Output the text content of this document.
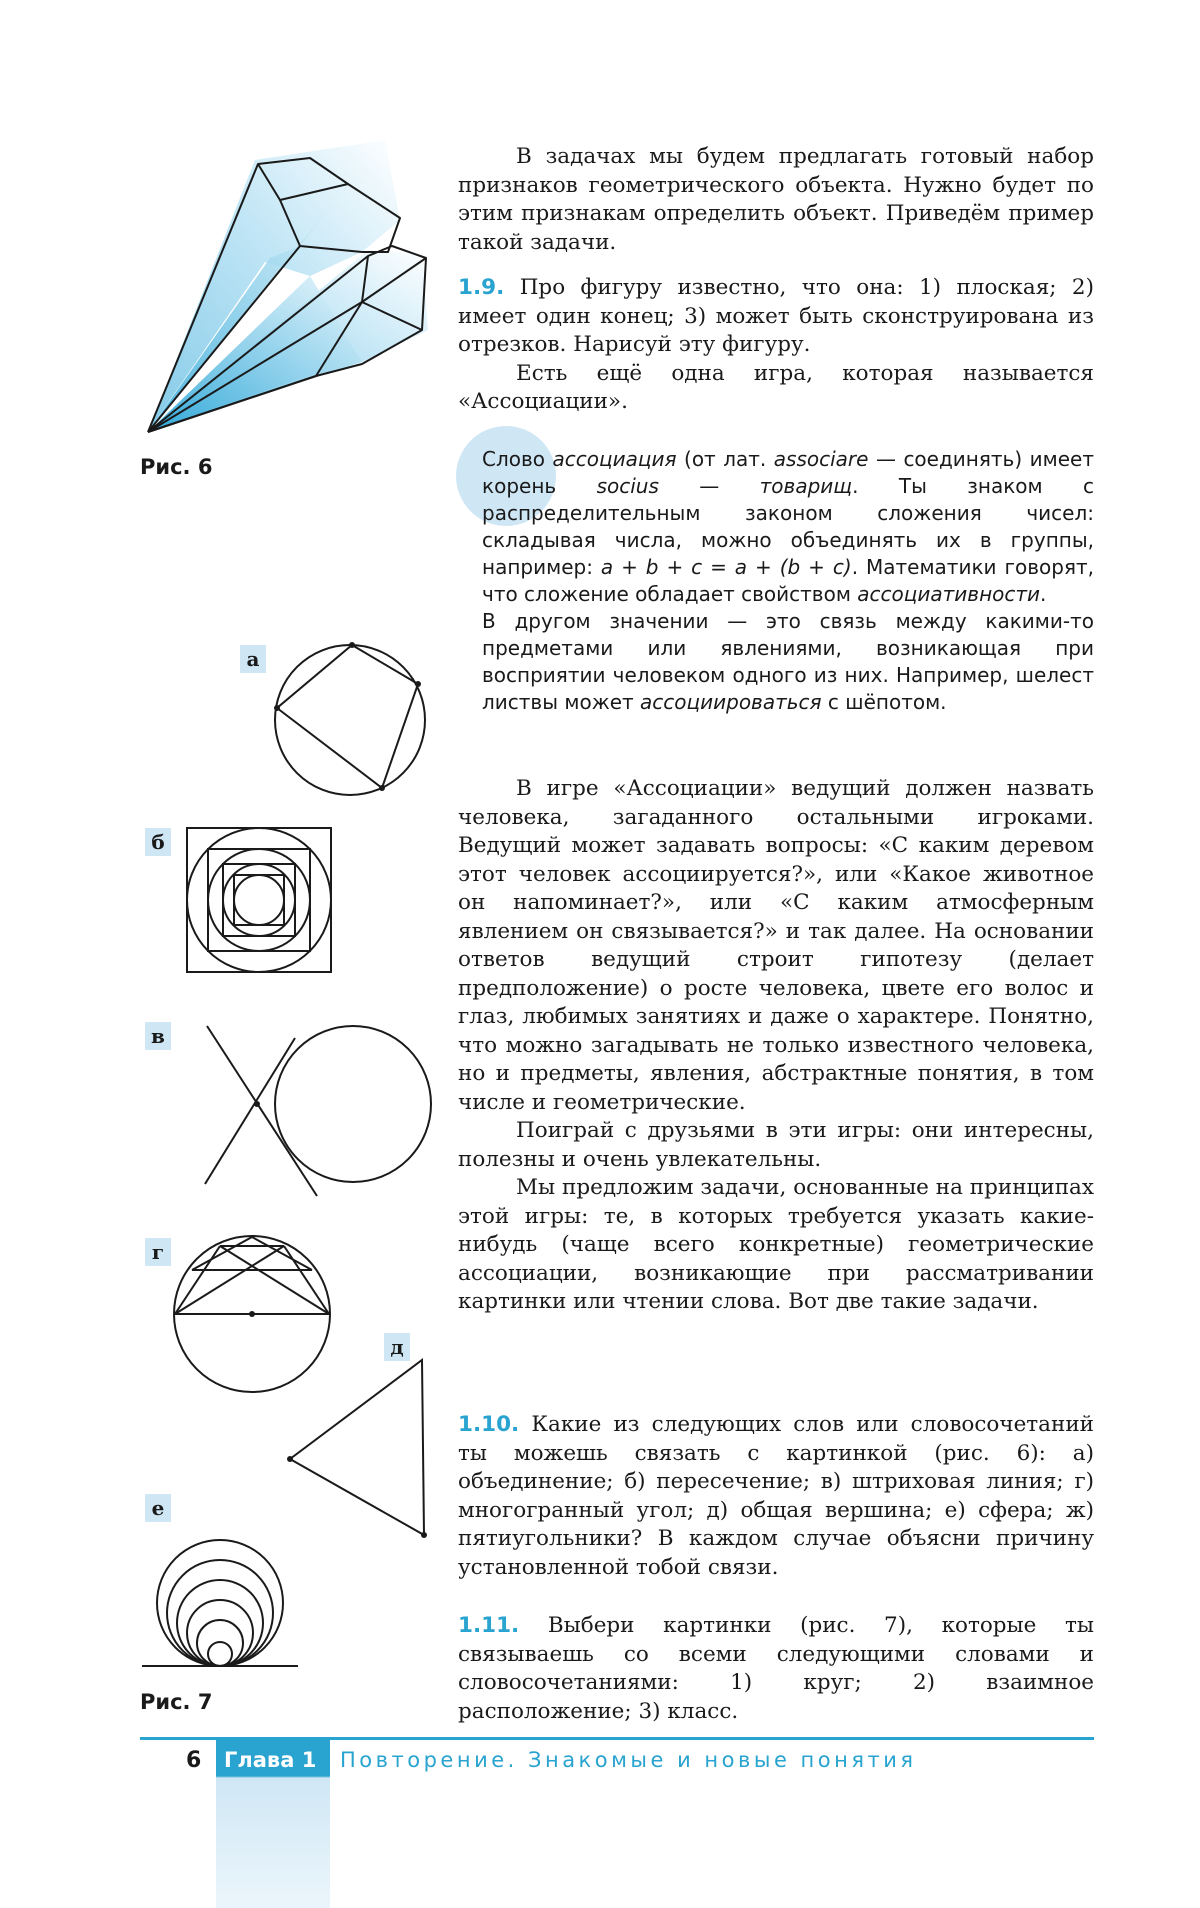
Рис. 6

В задачах мы будем предлагать готовый набор признаков геометрического объекта. Нужно будет по этим признакам определить объект. Приведём пример такой задачи.

1.9. Про фигуру известно, что она: 1) плоская; 2) имеет один конец; 3) может быть сконструирована из отрезков. Нарисуй эту фигуру.

Есть ещё одна игра, которая называется «Ассоциации».

Слово ассоциация (от лат. associare — соединять) имеет корень socius — товарищ. Ты знаком с распределительным законом сложения чисел: складывая числа, можно объединять их в группы, например: a + b + c = a + (b + c). Математики говорят, что сложение обладает свойством ассоциативности.

В другом значении — это связь между какими-то предметами или явлениями, возникающая при восприятии человеком одного из них. Например, шелест листвы может ассоциироваться с шёпотом.

В игре «Ассоциации» ведущий должен назвать человека, загаданного остальными игроками. Ведущий может задавать вопросы: «С каким деревом этот человек ассоциируется?», или «Какое животное он напоминает?», или «С каким атмосферным явлением он связывается?» и так далее. На основании ответов ведущий строит гипотезу (делает предположение) о росте человека, цвете его волос и глаз, любимых занятиях и даже о характере. Понятно, что можно загадывать не только известного человека, но и предметы, явления, абстрактные понятия, в том числе и геометрические.

Поиграй с друзьями в эти игры: они интересны, полезны и очень увлекательны.

Мы предложим задачи, основанные на принципах этой игры: те, в которых требуется указать какие-нибудь (чаще всего конкретные) геометрические ассоциации, возникающие при рассматривании картинки или чтении слова. Вот две такие задачи.

1.10. Какие из следующих слов или словосочетаний ты можешь связать с картинкой (рис. 6): а) объединение; б) пересечение; в) штриховая линия; г) многогранный угол; д) общая вершина; е) сфера; ж) пятиугольники? В каждом случае объясни причину установленной тобой связи.

1.11. Выбери картинки (рис. 7), которые ты связываешь со всеми следующими словами и словосочетаниями: 1) круг; 2) взаимное расположение; 3) класс.

а
б
в
г
д
е
Рис. 7
6 Глава 1 Повторение. Знакомые и новые понятия
